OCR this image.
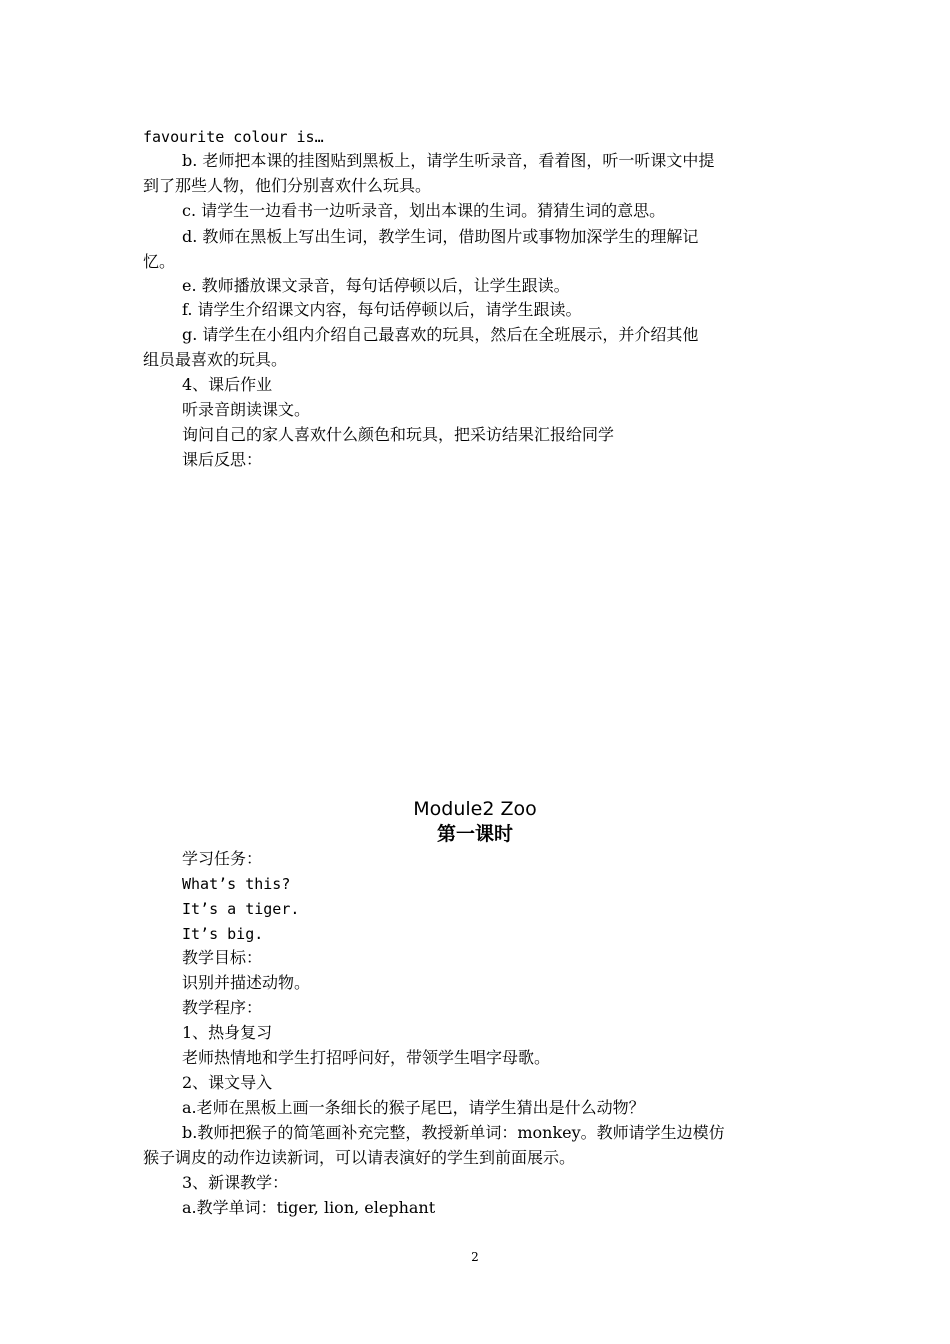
favourite colour is…
b. 老师把本课的挂图贴到黑板上，请学生听录音，看着图，听一听课文中提
到了那些人物，他们分别喜欢什么玩具。
c. 请学生一边看书一边听录音，划出本课的生词。猜猜生词的意思。
d. 教师在黑板上写出生词，教学生词，借助图片或事物加深学生的理解记
忆。
e. 教师播放课文录音，每句话停顿以后，让学生跟读。
f. 请学生介绍课文内容，每句话停顿以后，请学生跟读。
g. 请学生在小组内介绍自己最喜欢的玩具，然后在全班展示，并介绍其他
组员最喜欢的玩具。
4、课后作业
听录音朗读课文。
询问自己的家人喜欢什么颜色和玩具，把采访结果汇报给同学
课后反思：
Module2 Zoo
第一课时
学习任务：
What’s this?
It’s a tiger.
It’s big.
教学目标：
识别并描述动物。
教学程序：
1、热身复习
老师热情地和学生打招呼问好，带领学生唱字母歌。
2、课文导入
a.老师在黑板上画一条细长的猴子尾巴，请学生猜出是什么动物？
b.教师把猴子的简笔画补充完整，教授新单词：monkey。教师请学生边模仿
猴子调皮的动作边读新词，可以请表演好的学生到前面展示。
3、新课教学：
a.教学单词：tiger, lion, elephant
2
